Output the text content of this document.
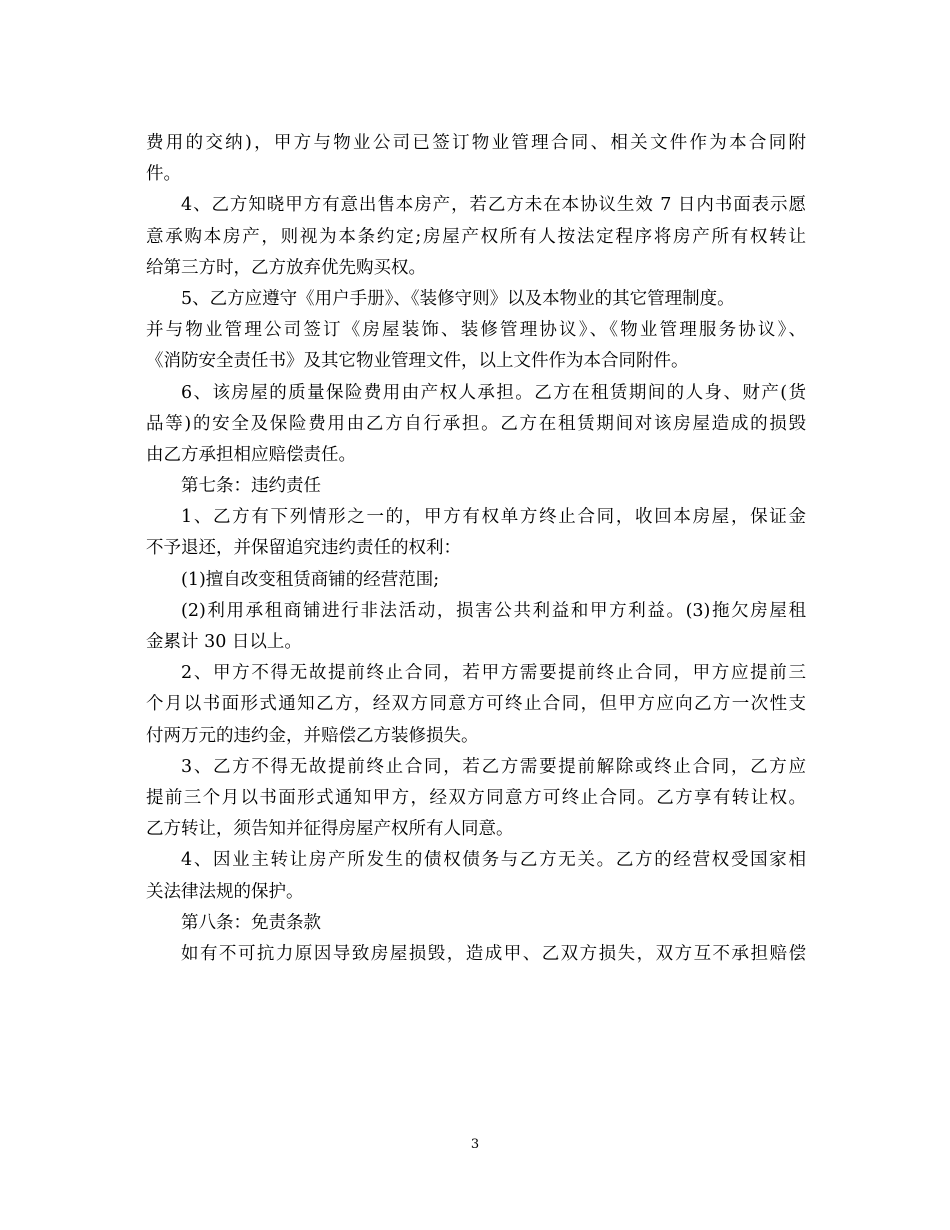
费用的交纳)，甲方与物业公司已签订物业管理合同、相关文件作为本合同附
件。
4、乙方知晓甲方有意出售本房产，若乙方未在本协议生效 7 日内书面表示愿
意承购本房产，则视为本条约定;房屋产权所有人按法定程序将房产所有权转让
给第三方时，乙方放弃优先购买权。
5、乙方应遵守《用户手册》、《装修守则》以及本物业的其它管理制度。
并与物业管理公司签订《房屋装饰、装修管理协议》、《物业管理服务协议》、
《消防安全责任书》及其它物业管理文件，以上文件作为本合同附件。
6、该房屋的质量保险费用由产权人承担。乙方在租赁期间的人身、财产(货
品等)的安全及保险费用由乙方自行承担。乙方在租赁期间对该房屋造成的损毁
由乙方承担相应赔偿责任。
第七条：违约责任
1、乙方有下列情形之一的，甲方有权单方终止合同，收回本房屋，保证金
不予退还，并保留追究违约责任的权利：
(1)擅自改变租赁商铺的经营范围;
(2)利用承租商铺进行非法活动，损害公共利益和甲方利益。(3)拖欠房屋租
金累计 30 日以上。
2、甲方不得无故提前终止合同，若甲方需要提前终止合同，甲方应提前三
个月以书面形式通知乙方，经双方同意方可终止合同，但甲方应向乙方一次性支
付两万元的违约金，并赔偿乙方装修损失。
3、乙方不得无故提前终止合同，若乙方需要提前解除或终止合同，乙方应
提前三个月以书面形式通知甲方，经双方同意方可终止合同。乙方享有转让权。
乙方转让，须告知并征得房屋产权所有人同意。
4、因业主转让房产所发生的债权债务与乙方无关。乙方的经营权受国家相
关法律法规的保护。
第八条：免责条款
如有不可抗力原因导致房屋损毁，造成甲、乙双方损失，双方互不承担赔偿
3
